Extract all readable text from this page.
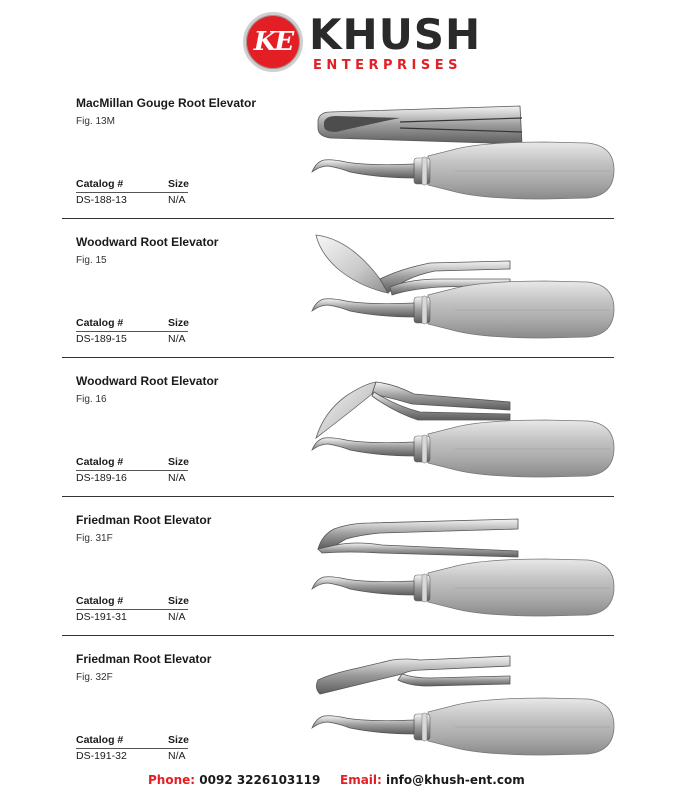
KE KHUSH
ENTERPRISES
MacMillan Gouge Root Elevator
Fig. 13M
Catalog #	Size
DS-188-13	N/A
Woodward Root Elevator
Fig. 15
Catalog #	Size
DS-189-15	N/A
Woodward Root Elevator
Fig. 16
Catalog #	Size
DS-189-16	N/A
Friedman Root Elevator
Fig. 31F
Catalog #	Size
DS-191-31	N/A
Friedman Root Elevator
Fig. 32F
Catalog #	Size
DS-191-32	N/A
Phone: 0092 3226103119 Email: info@khush-ent.com
